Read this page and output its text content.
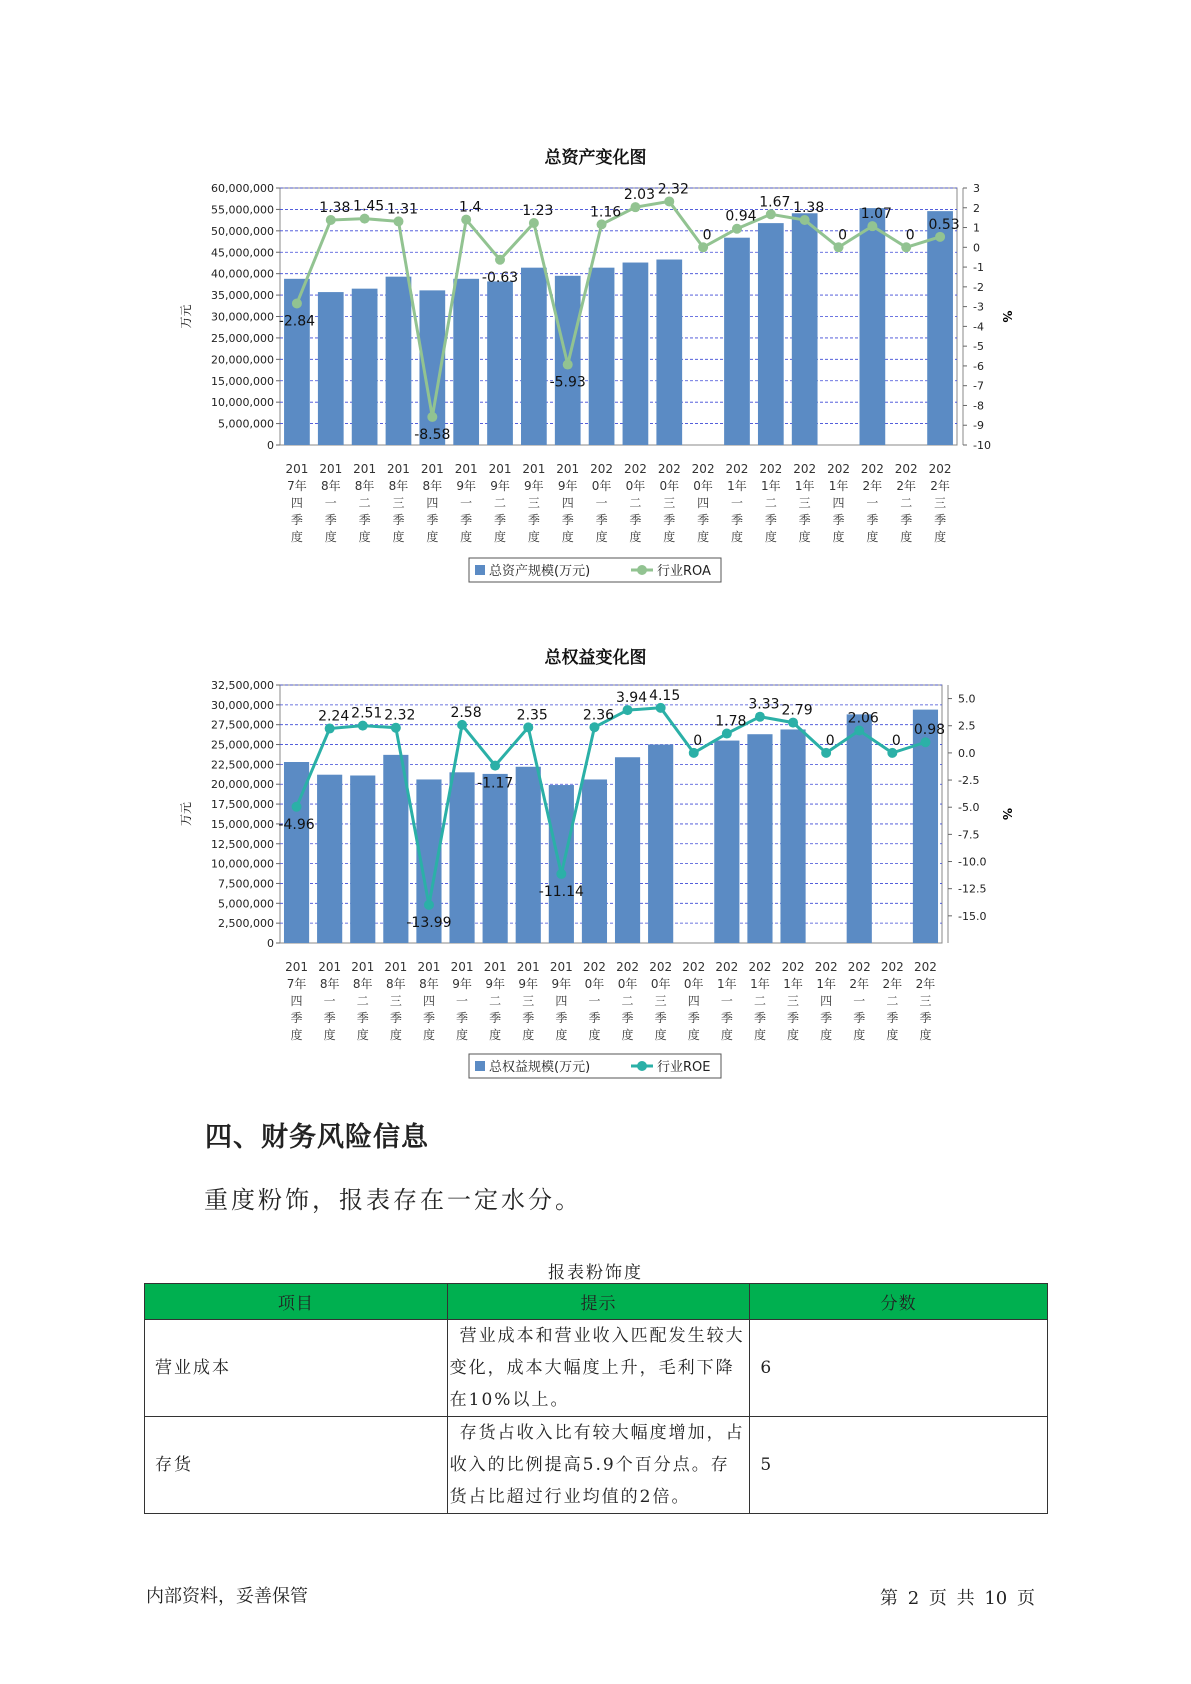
总资产变化图
60,000,000
55,000,000
50,000,000
45,000,000
40,000,000
35,000,000
30,000,000
25,000,000
20,000,000
15,000,000
10,000,000
5,000,000
0
3
2
1
0
-1
-2
-3
-4
-5
-6
-7
-8
-9
-10
万元	%
-2.84
1.38 1.45 1.31
-8.58
1.4
-0.63
1.23
-5.93
1.16
2.03 2.32
0
0.94
1.67 1.38
0
1.07
0
0.53
201 7年四季度
201 8年一季度
201 8年二季度
201 8年三季度
201 8年四季度
201 9年一季度
201 9年二季度
201 9年三季度
201 9年四季度
202 0年一季度
202 0年二季度
202 0年三季度
202 0年四季度
202 1年一季度
202 1年二季度
202 1年三季度
202 1年四季度
202 2年一季度
202 2年二季度
202 2年三季度
总资产规模(万元)	行业ROA
总权益变化图
32,500,000
30,000,000
27,500,000
25,000,000
22,500,000
20,000,000
17,500,000
15,000,000
12,500,000
10,000,000
7,500,000
5,000,000
2,500,000
0
5.0
2.5
0.0
-2.5
-5.0
-7.5
-10.0
-12.5
-15.0
万元	%
-4.96
2.24 2.51 2.32
-13.99
2.58
-1.17
2.35
-11.14
2.36
3.94 4.15
0
1.78
3.33 2.79
0
2.06
0
0.98
201 7年四季度
201 8年一季度
201 8年二季度
201 8年三季度
201 8年四季度
201 9年一季度
201 9年二季度
201 9年三季度
201 9年四季度
202 0年一季度
202 0年二季度
202 0年三季度
202 0年四季度
202 1年一季度
202 1年二季度
202 1年三季度
202 1年四季度
202 2年一季度
202 2年二季度
202 2年三季度
总权益规模(万元)	行业ROE
四、财务风险信息
重度粉饰，报表存在一定水分。
报表粉饰度
项目	提示	分数
营业成本	营业成本和营业收入匹配发生较大变化，成本大幅度上升，毛利下降在10%以上。	6
存货	存货占收入比有较大幅度增加，占收入的比例提高5.9个百分点。存货占比超过行业均值的2倍。	5
内部资料，妥善保管	第 2 页 共 10 页
